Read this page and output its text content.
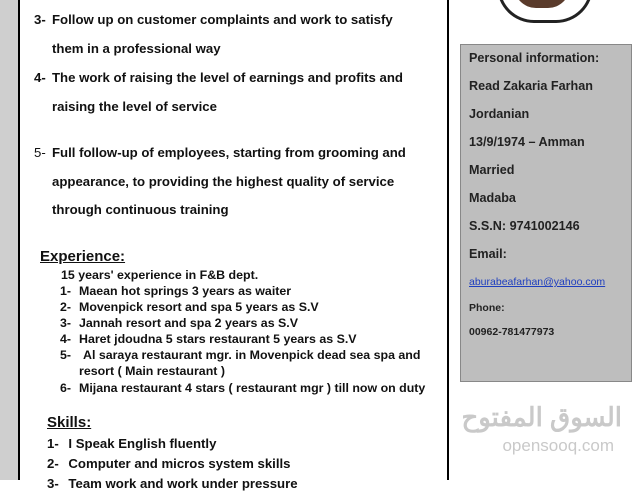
3- Follow up on customer complaints and work to satisfy
them in a professional way
4- The work of raising the level of earnings and profits and
raising the level of service
5- Full follow-up of employees, starting from grooming and
appearance, to providing the highest quality of service
through continuous training
Experience:
15 years' experience in F&B dept.
1- Maean hot springs 3 years as waiter
2- Movenpick resort and spa 5 years as S.V
3- Jannah resort and spa 2 years as S.V
4- Haret jdoudna 5 stars restaurant 5 years as S.V
5- Al saraya restaurant mgr. in Movenpick dead sea spa and
resort ( Main restaurant )
6- Mijana restaurant 4 stars ( restaurant mgr ) till now on duty
Skills:
1- I Speak English fluently
2- Computer and micros system skills
3- Team work and work under pressure
Personal information:
Read Zakaria Farhan
Jordanian
13/9/1974 – Amman
Married
Madaba
S.S.N: 9741002146
Email:
aburabeafarhan@yahoo.com
Phone:
00962-781477973
السوق المفتوح
opensooq.com
